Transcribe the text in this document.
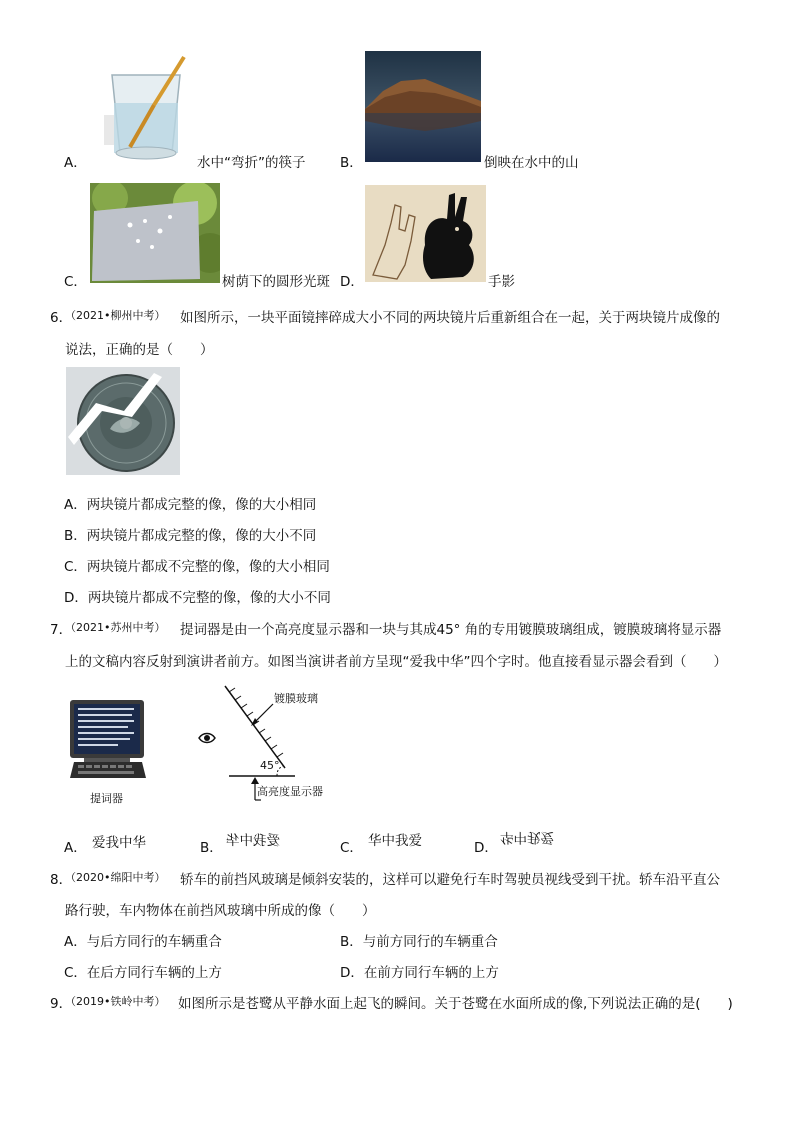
A．	水中“弯折”的筷子	B．	倒映在水中的山
C．	树荫下的圆形光斑 D．	手影
6．
（2021•柳州中考） 如图所示，一块平面镜摔碎成大小不同的两块镜片后重新组合在一起，关于两块镜片成像的
说法，正确的是（　　）
A．两块镜片都成完整的像，像的大小相同
B．两块镜片都成完整的像，像的大小不同
C．两块镜片都成不完整的像，像的大小相同
D．两块镜片都成不完整的像，像的大小不同
7．
（2021•苏州中考） 提词器是由一个高亮度显示器和一块与其成45° 角的专用镀膜玻璃组成，镀膜玻璃将显示器
上的文稿内容反射到演讲者前方。如图当演讲者前方呈现“爱我中华”四个字时。他直接看显示器会看到（　　）
提词器
镀膜玻璃
45°
高亮度显示器
A． 爱我中华	B． 爱我中华	C． 华中我爱	D．
华中我爱
8．
（2020•绵阳中考） 轿车的前挡风玻璃是倾斜安装的，这样可以避免行车时驾驶员视线受到干扰。轿车沿平直公
路行驶，车内物体在前挡风玻璃中所成的像（　　）
A．与后方同行的车辆重合	B．与前方同行的车辆重合
C．在后方同行车辆的上方	D．在前方同行车辆的上方
9．
（2019•铁岭中考） 如图所示是苍鹭从平静水面上起飞的瞬间。关于苍鹭在水面所成的像,下列说法正确的是(　　)
